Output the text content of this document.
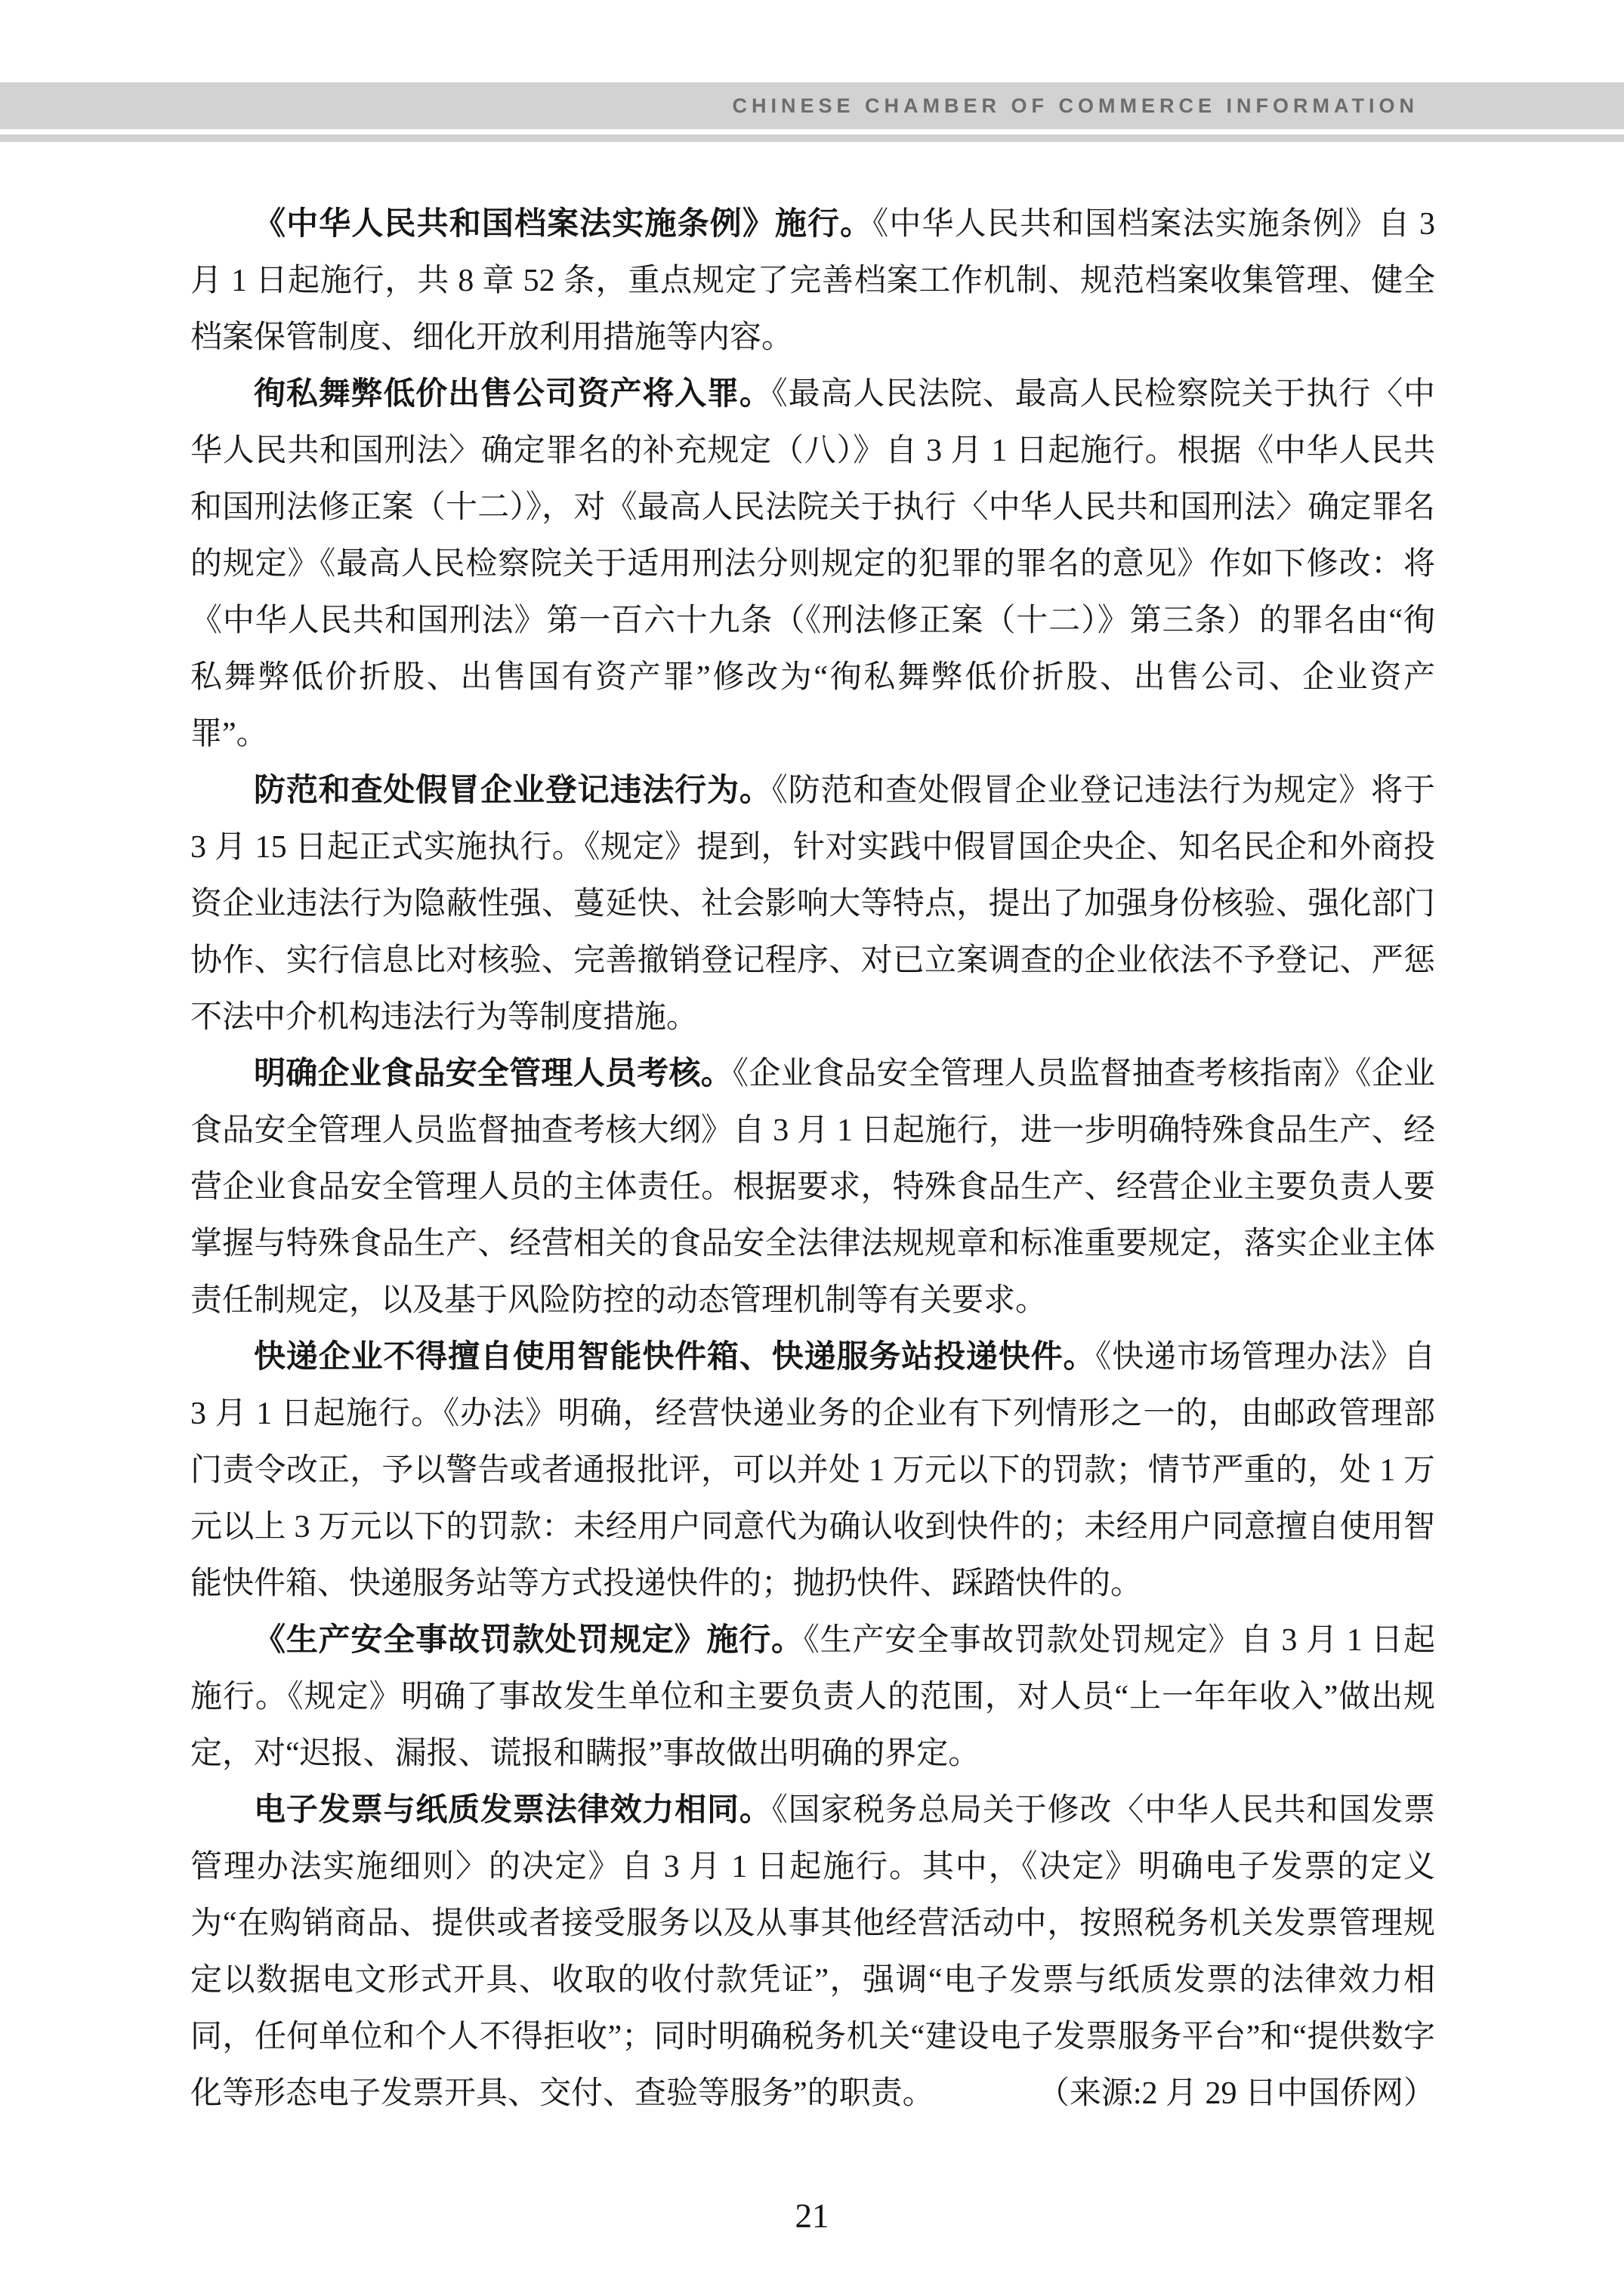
CHINESE CHAMBER OF COMMERCE INFORMATION

《中华人民共和国档案法实施条例》施行。《中华人民共和国档案法实施条例》自 3 月 1 日起施行，共 8 章 52 条，重点规定了完善档案工作机制、规范档案收集管理、健全档案保管制度、细化开放利用措施等内容。

徇私舞弊低价出售公司资产将入罪。《最高人民法院、最高人民检察院关于执行〈中华人民共和国刑法〉确定罪名的补充规定（八）》自 3 月 1 日起施行。根据《中华人民共和国刑法修正案（十二）》，对《最高人民法院关于执行〈中华人民共和国刑法〉确定罪名的规定》《最高人民检察院关于适用刑法分则规定的犯罪的罪名的意见》作如下修改：将《中华人民共和国刑法》第一百六十九条（《刑法修正案（十二）》第三条）的罪名由“徇私舞弊低价折股、出售国有资产罪”修改为“徇私舞弊低价折股、出售公司、企业资产罪”。

防范和查处假冒企业登记违法行为。《防范和查处假冒企业登记违法行为规定》将于 3 月 15 日起正式实施执行。《规定》提到，针对实践中假冒国企央企、知名民企和外商投资企业违法行为隐蔽性强、蔓延快、社会影响大等特点，提出了加强身份核验、强化部门协作、实行信息比对核验、完善撤销登记程序、对已立案调查的企业依法不予登记、严惩不法中介机构违法行为等制度措施。

明确企业食品安全管理人员考核。《企业食品安全管理人员监督抽查考核指南》《企业食品安全管理人员监督抽查考核大纲》自 3 月 1 日起施行，进一步明确特殊食品生产、经营企业食品安全管理人员的主体责任。根据要求，特殊食品生产、经营企业主要负责人要掌握与特殊食品生产、经营相关的食品安全法律法规规章和标准重要规定，落实企业主体责任制规定，以及基于风险防控的动态管理机制等有关要求。

快递企业不得擅自使用智能快件箱、快递服务站投递快件。《快递市场管理办法》自 3 月 1 日起施行。《办法》明确，经营快递业务的企业有下列情形之一的，由邮政管理部门责令改正，予以警告或者通报批评，可以并处 1 万元以下的罚款；情节严重的，处 1 万元以上 3 万元以下的罚款：未经用户同意代为确认收到快件的；未经用户同意擅自使用智能快件箱、快递服务站等方式投递快件的；抛扔快件、踩踏快件的。

《生产安全事故罚款处罚规定》施行。《生产安全事故罚款处罚规定》自 3 月 1 日起施行。《规定》明确了事故发生单位和主要负责人的范围，对人员“上一年年收入”做出规定，对“迟报、漏报、谎报和瞒报”事故做出明确的界定。

电子发票与纸质发票法律效力相同。《国家税务总局关于修改〈中华人民共和国发票管理办法实施细则〉的决定》自 3 月 1 日起施行。其中，《决定》明确电子发票的定义为“在购销商品、提供或者接受服务以及从事其他经营活动中，按照税务机关发票管理规定以数据电文形式开具、收取的收付款凭证”，强调“电子发票与纸质发票的法律效力相同，任何单位和个人不得拒收”；同时明确税务机关“建设电子发票服务平台”和“提供数字化等形态电子发票开具、交付、查验等服务”的职责。	（来源:2 月 29 日中国侨网）
21
